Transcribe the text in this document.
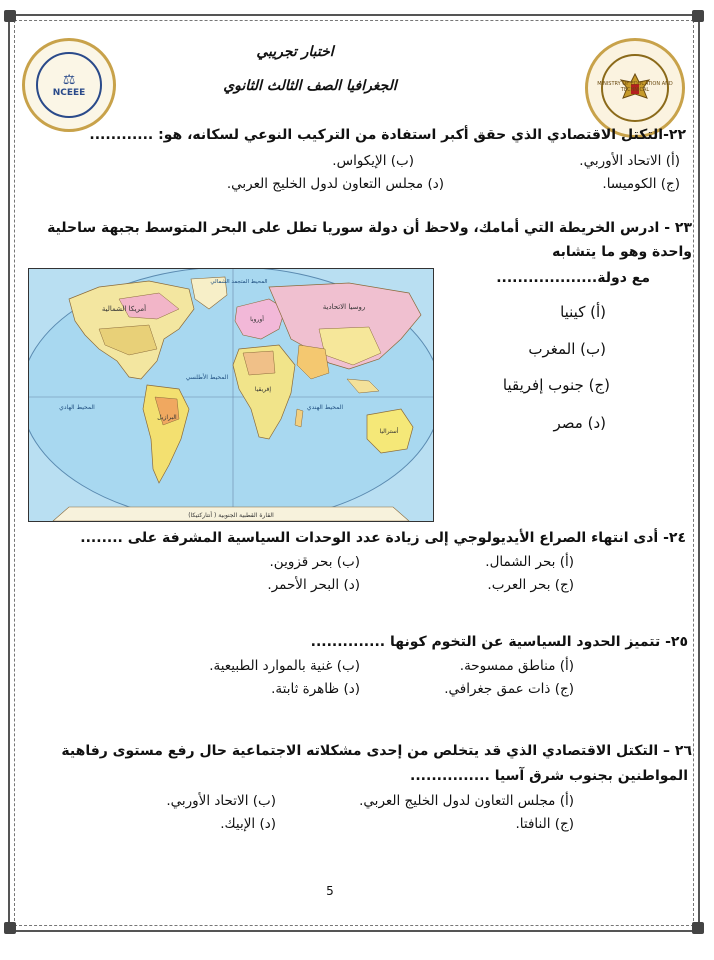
⚖
NCEEE
MINISTRY OF EDUCATION AND TECHNICAL
اختبار تجريبي
الجغرافيا الصف الثالث الثانوي
٢٢-التكتل الاقتصادي الذي حقق أكبر استفادة من التركيب النوعي لسكانه، هو: ............
(أ) الاتحاد الأوربي.
(ب) الإيكواس.
(ج) الكوميسا.
(د) مجلس التعاون لدول الخليج العربي.
٢٣ - ادرس الخريطة التي أمامك، ولاحظ أن دولة سوريا تطل على البحر المتوسط بجبهة ساحلية
واحدة وهو ما يتشابه
مع دولة...................
أمريكا الشمالية
البرازيل
أوروبا
روسيا الاتحادية
إفريقيا
أستراليا
القارة القطبية الجنوبية ( أنتاركتيكا)
المحيط الهادي
المحيط الأطلسي
المحيط الهندي
المحيط المتجمد الشمالي
(أ) كينيا
(ب) المغرب
(ج) جنوب إفريقيا
(د) مصر
٢٤- أدى انتهاء الصراع الأيديولوجي إلى زيادة عدد الوحدات السياسية المشرفة على ........
(أ) بحر الشمال.
(ب) بحر قزوين.
(ج) بحر العرب.
(د) البحر الأحمر.
٢٥- تتميز الحدود السياسية عن التخوم كونها ..............
(أ) مناطق ممسوحة.
(ب) غنية بالموارد الطبيعية.
(ج) ذات عمق جغرافي.
(د) ظاهرة ثابتة.
٢٦ – التكتل الاقتصادي الذي قد يتخلص من إحدى مشكلاته الاجتماعية حال رفع مستوى رفاهية
المواطنين بجنوب شرق آسيا ...............
(أ) مجلس التعاون لدول الخليج العربي.
(ب) الاتحاد الأوربي.
(ج) النافتا.
(د) الإبيك.
5
